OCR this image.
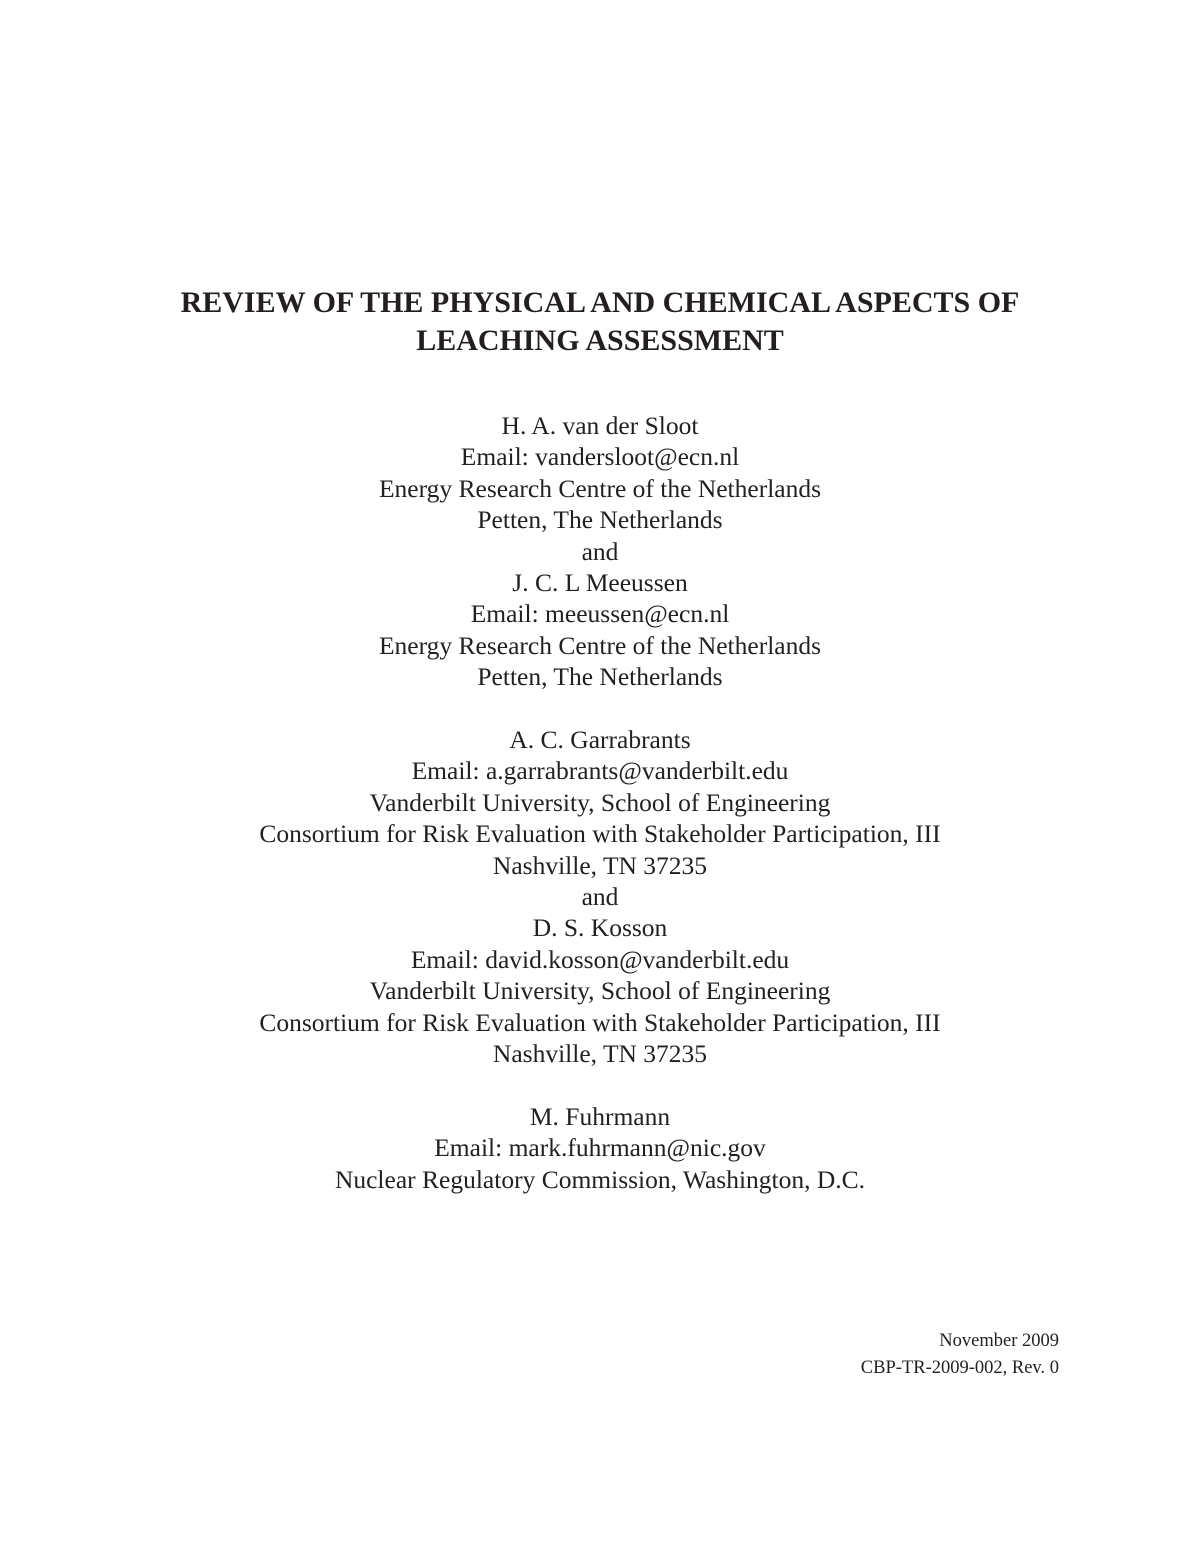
REVIEW OF THE PHYSICAL AND CHEMICAL ASPECTS OF
LEACHING ASSESSMENT
H. A. van der Sloot
Email: vandersloot@ecn.nl
Energy Research Centre of the Netherlands
Petten, The Netherlands
and
J. C. L Meeussen
Email: meeussen@ecn.nl
Energy Research Centre of the Netherlands
Petten, The Netherlands
A. C. Garrabrants
Email: a.garrabrants@vanderbilt.edu
Vanderbilt University, School of Engineering
Consortium for Risk Evaluation with Stakeholder Participation, III
Nashville, TN 37235
and
D. S. Kosson
Email: david.kosson@vanderbilt.edu
Vanderbilt University, School of Engineering
Consortium for Risk Evaluation with Stakeholder Participation, III
Nashville, TN 37235
M. Fuhrmann
Email: mark.fuhrmann@nic.gov
Nuclear Regulatory Commission, Washington, D.C.
November 2009
CBP-TR-2009-002, Rev. 0
